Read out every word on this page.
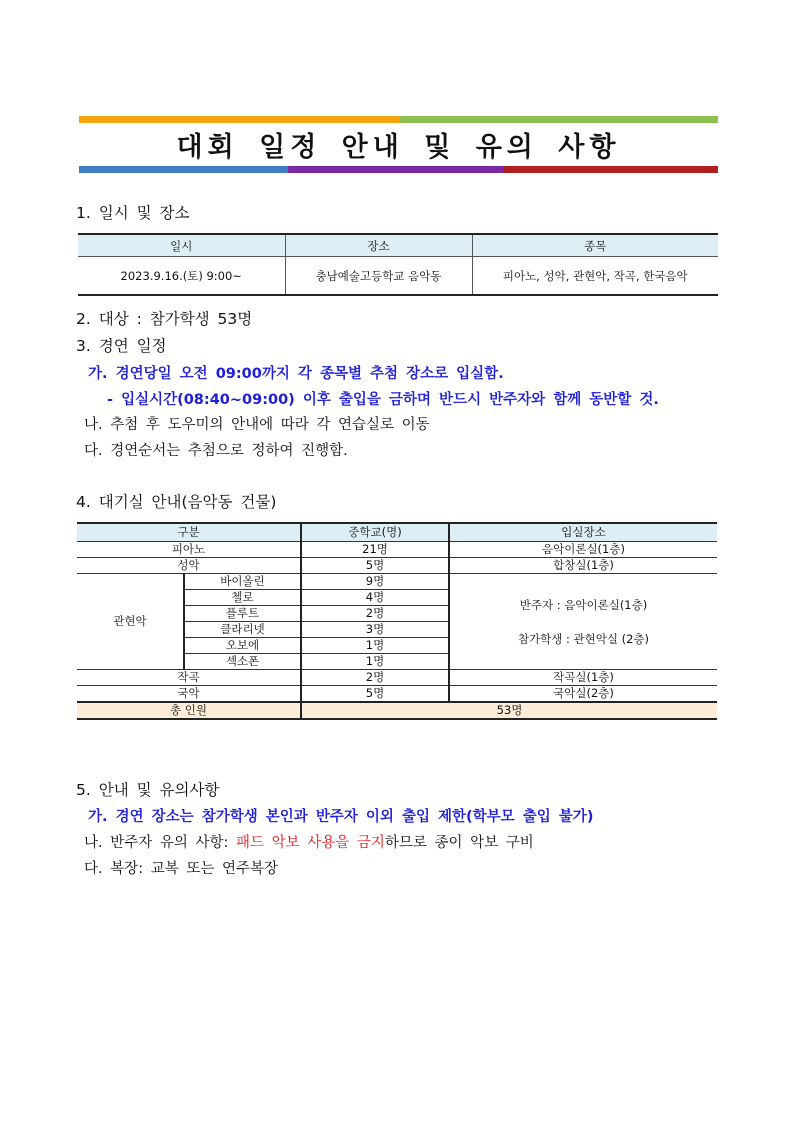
대회 일정 안내 및 유의 사항
1. 일시 및 장소
일시	장소	종목
2023.9.16.(토) 9:00~	충남예술고등학교 음악동	피아노, 성악, 관현악, 작곡, 한국음악
2. 대상 : 참가학생 53명
3. 경연 일정
가. 경연당일 오전 09:00까지 각 종목별 추첨 장소로 입실함.
- 입실시간(08:40~09:00) 이후 출입을 금하며 반드시 반주자와 함께 동반할 것.
나. 추첨 후 도우미의 안내에 따라 각 연습실로 이동
다. 경연순서는 추첨으로 정하여 진행함.
4. 대기실 안내(음악동 건물)
구분		중학교(명)	입실장소
피아노		21명	음악이론실(1층)
성악		5명	합창실(1층)
관현악	바이올린	9명	반주자 : 음악이론실(1층)
참가학생 : 관현악실 (2층)

	첼로	4명	
	플루트	2명	
	클라리넷	3명	
	오보에	1명	
	섹소폰	1명	
작곡		2명	작곡실(1층)
국악		5명	국악실(2층)
총 인원		53명	
5. 안내 및 유의사항
가. 경연 장소는 참가학생 본인과 반주자 이외 출입 제한(학부모 출입 불가)
나. 반주자 유의 사항: 패드 악보 사용을 금지하므로 종이 악보 구비
다. 복장: 교복 또는 연주복장
